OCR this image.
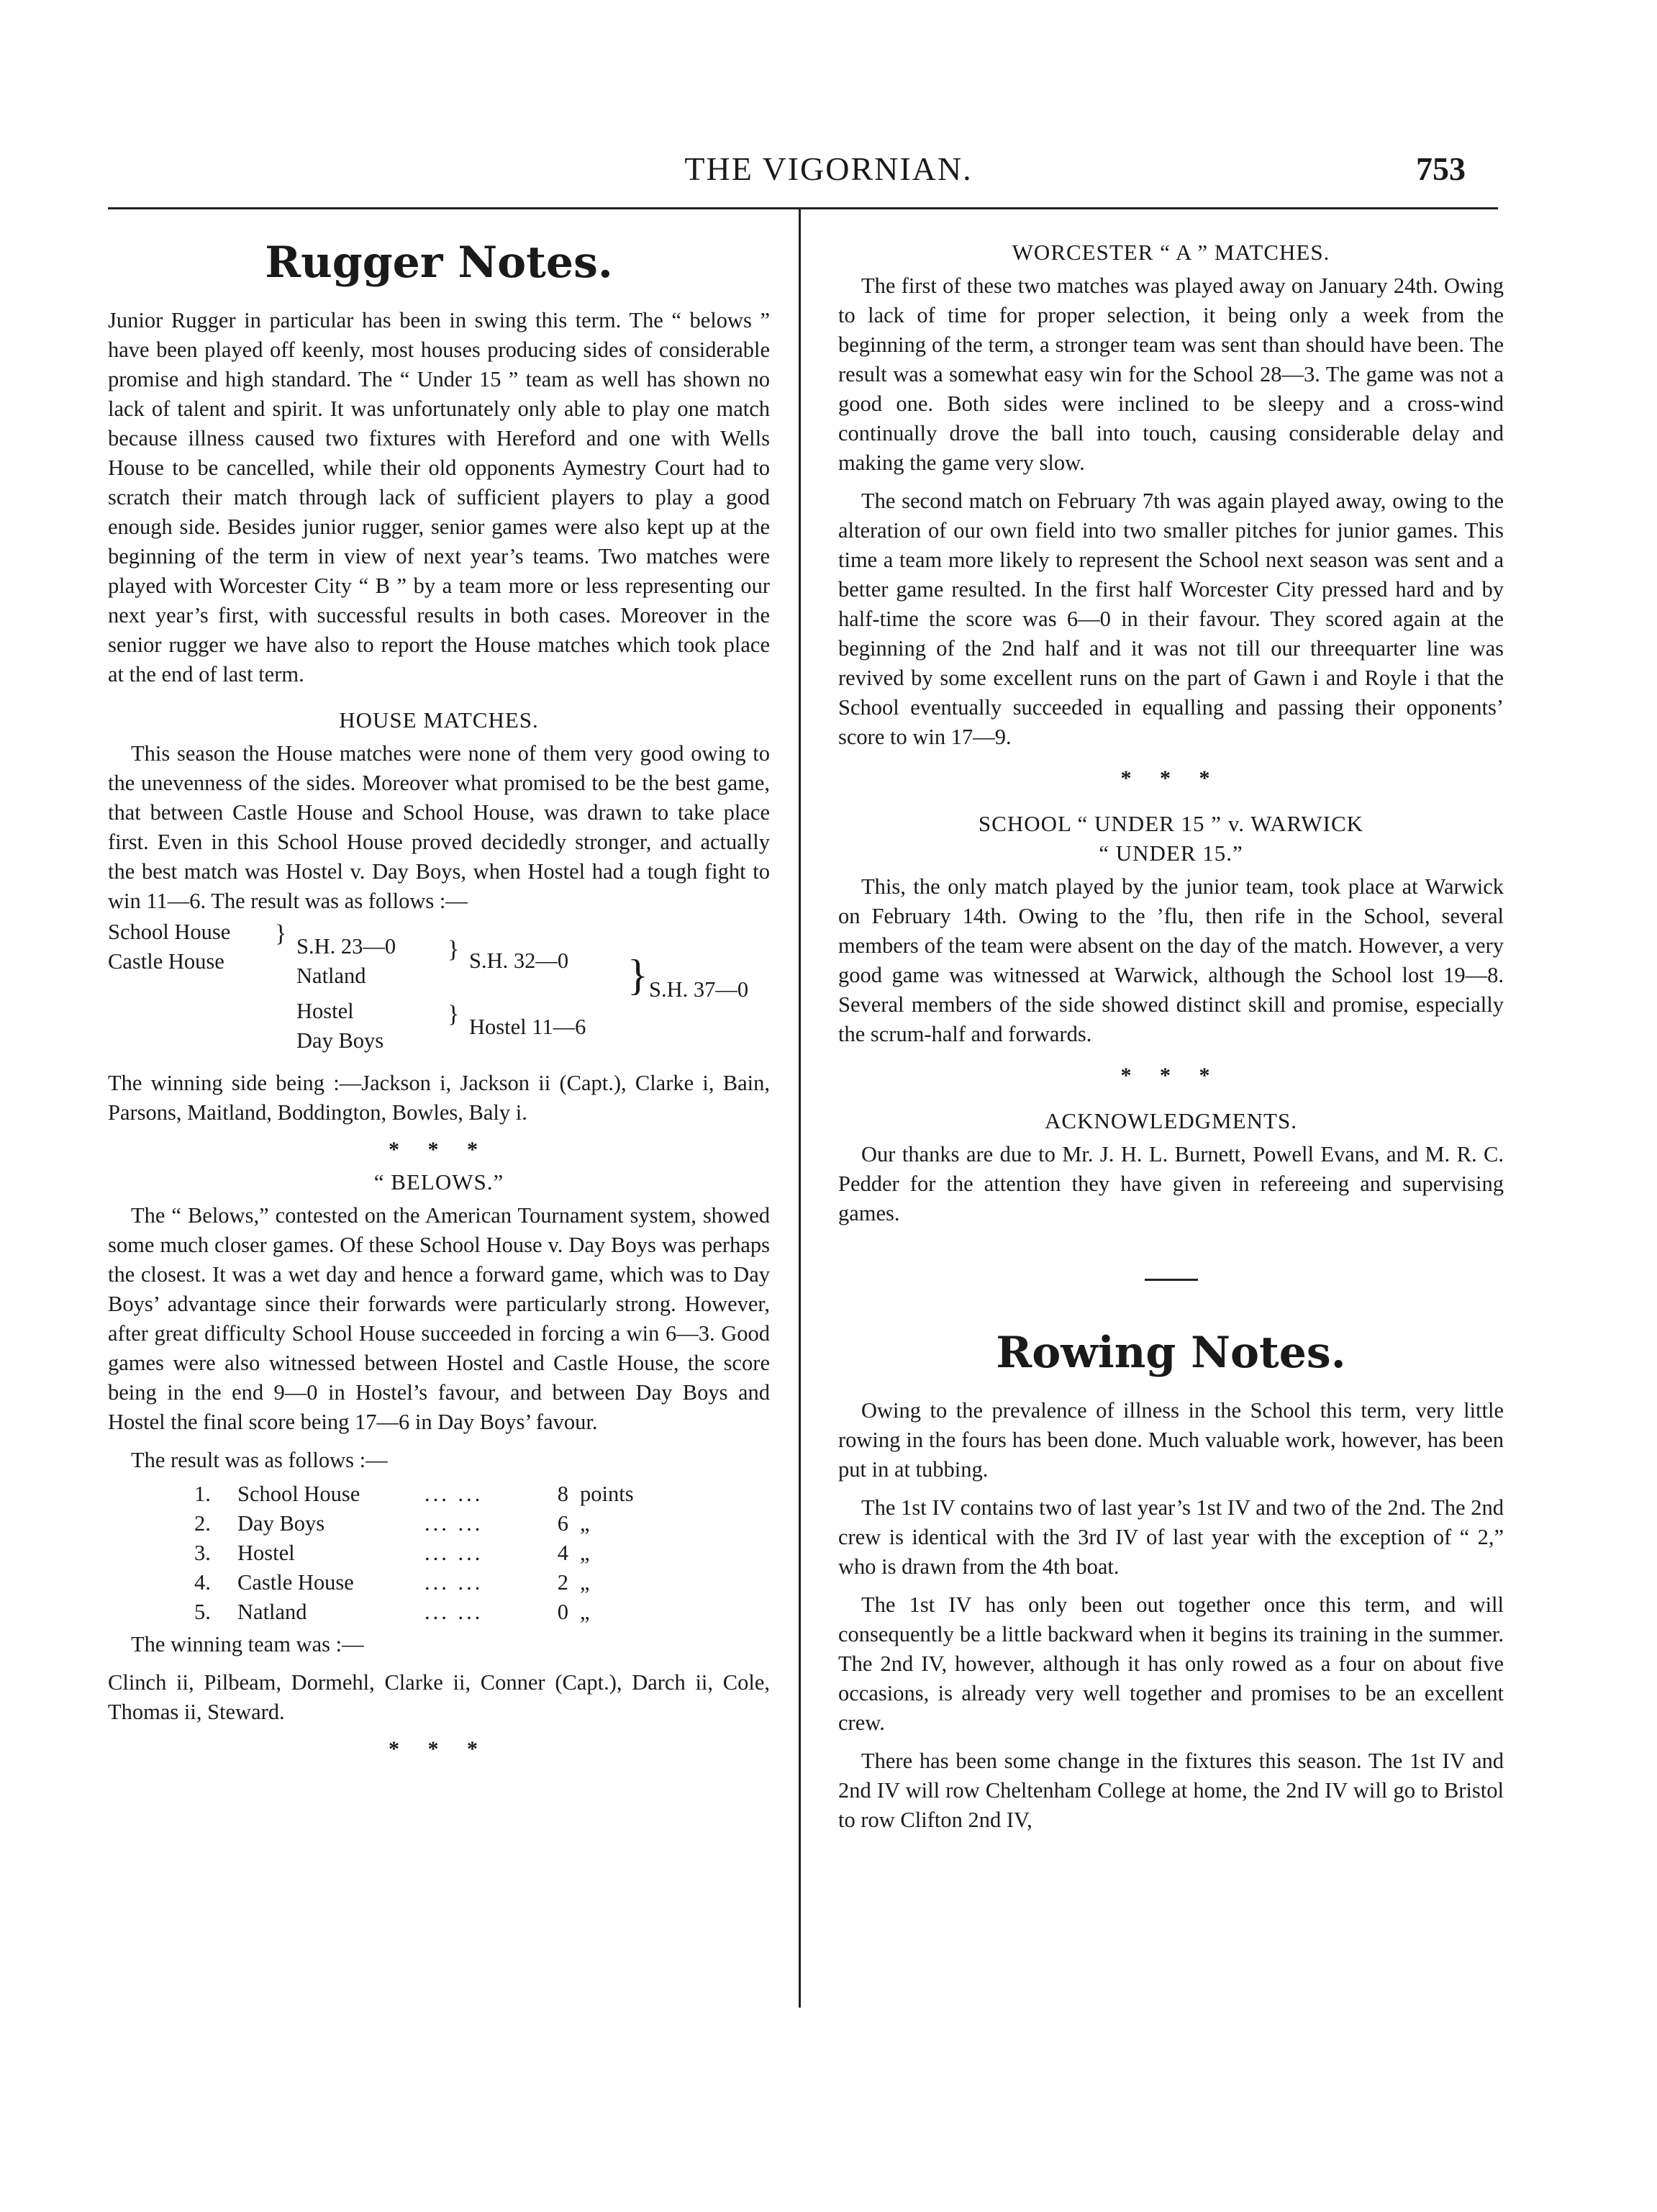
THE VIGORNIAN.	753
Rugger Notes.

Junior Rugger in particular has been in swing this term. The “ belows ” have been played off keenly, most houses producing sides of considerable promise and high standard. The “ Under 15 ” team as well has shown no lack of talent and spirit. It was unfortunately only able to play one match because illness caused two fixtures with Hereford and one with Wells House to be cancelled, while their old opponents Aymestry Court had to scratch their match through lack of sufficient players to play a good enough side. Besides junior rugger, senior games were also kept up at the beginning of the term in view of next year’s teams. Two matches were played with Worcester City “ B ” by a team more or less representing our next year’s first, with successful results in both cases. Moreover in the senior rugger we have also to report the House matches which took place at the end of last term.

HOUSE MATCHES.

This season the House matches were none of them very good owing to the unevenness of the sides. Moreover what promised to be the best game, that between Castle House and School House, was drawn to take place first. Even in this School House proved decidedly stronger, and actually the best match was Hostel v. Day Boys, when Hostel had a tough fight to win 11—6. The result was as follows :—

School House
Castle House
} S.H. 23—0
Natland
} S.H. 32—0
Hostel
Day Boys
} Hostel 11—6
} S.H. 37—0

The winning side being :—Jackson i, Jackson ii (Capt.), Clarke i, Bain, Parsons, Maitland, Boddington, Bowles, Baly i.

* * *
“ BELOWS.”

The “ Belows,” contested on the American Tournament system, showed some much closer games. Of these School House v. Day Boys was perhaps the closest. It was a wet day and hence a forward game, which was to Day Boys’ advantage since their forwards were particularly strong. However, after great difficulty School House succeeded in forcing a win 6—3. Good games were also witnessed between Hostel and Castle House, the score being in the end 9—0 in Hostel’s favour, and between Day Boys and Hostel the final score being 17—6 in Day Boys’ favour.

The result was as follows :—

1.	School House	... ...	8	points
2.	Day Boys	... ...	6	„
3.	Hostel	... ...	4	„
4.	Castle House	... ...	2	„
5.	Natland	... ...	0	„

The winning team was :—

Clinch ii, Pilbeam, Dormehl, Clarke ii, Conner (Capt.), Darch ii, Cole, Thomas ii, Steward.

* * *
WORCESTER “ A ” MATCHES.

The first of these two matches was played away on January 24th. Owing to lack of time for proper selection, it being only a week from the beginning of the term, a stronger team was sent than should have been. The result was a somewhat easy win for the School 28—3. The game was not a good one. Both sides were inclined to be sleepy and a cross-wind continually drove the ball into touch, causing considerable delay and making the game very slow.

The second match on February 7th was again played away, owing to the alteration of our own field into two smaller pitches for junior games. This time a team more likely to represent the School next season was sent and a better game resulted. In the first half Worcester City pressed hard and by half-time the score was 6—0 in their favour. They scored again at the beginning of the 2nd half and it was not till our threequarter line was revived by some excellent runs on the part of Gawn i and Royle i that the School eventually succeeded in equalling and passing their opponents’ score to win 17—9.

* * *
SCHOOL “ UNDER 15 ” v. WARWICK
“ UNDER 15.”

This, the only match played by the junior team, took place at Warwick on February 14th. Owing to the ’flu, then rife in the School, several members of the team were absent on the day of the match. However, a very good game was witnessed at Warwick, although the School lost 19—8. Several members of the side showed distinct skill and promise, especially the scrum-half and forwards.

* * *
ACKNOWLEDGMENTS.

Our thanks are due to Mr. J. H. L. Burnett, Powell Evans, and M. R. C. Pedder for the attention they have given in refereeing and supervising games.

Rowing Notes.

Owing to the prevalence of illness in the School this term, very little rowing in the fours has been done. Much valuable work, however, has been put in at tubbing.

The 1st IV contains two of last year’s 1st IV and two of the 2nd. The 2nd crew is identical with the 3rd IV of last year with the exception of “ 2,” who is drawn from the 4th boat.

The 1st IV has only been out together once this term, and will consequently be a little backward when it begins its training in the summer. The 2nd IV, however, although it has only rowed as a four on about five occasions, is already very well together and promises to be an excellent crew.

There has been some change in the fixtures this season. The 1st IV and 2nd IV will row Cheltenham College at home, the 2nd IV will go to Bristol to row Clifton 2nd IV,
